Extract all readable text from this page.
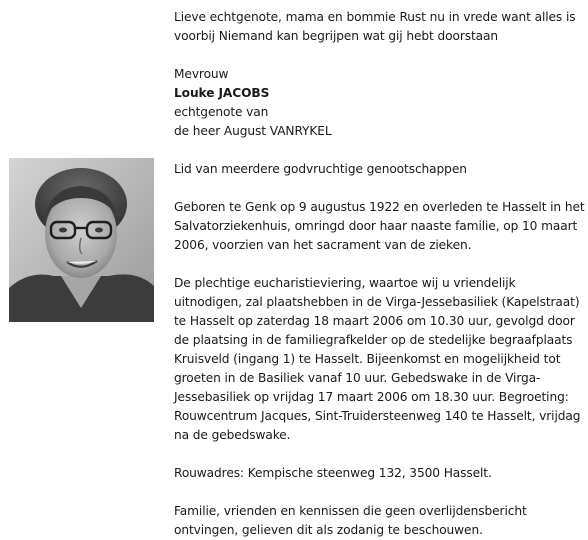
Lieve echtgenote, mama en bommie Rust nu in vrede want alles is
voorbij Niemand kan begrijpen wat gij hebt doorstaan

Mevrouw
Louke JACOBS
echtgenote van
de heer August VANRYKEL

Lid van meerdere godvruchtige genootschappen

Geboren te Genk op 9 augustus 1922 en overleden te Hasselt in het Salvatorziekenhuis, omringd door haar naaste familie, op 10 maart 2006, voorzien van het sacrament van de zieken.

De plechtige eucharistieviering, waartoe wij u vriendelijk uitnodigen, zal plaatshebben in de Virga-Jessebasiliek (Kapelstraat) te Hasselt op zaterdag 18 maart 2006 om 10.30 uur, gevolgd door de plaatsing in de familiegrafkelder op de stedelijke begraafplaats Kruisveld (ingang 1) te Hasselt. Bijeenkomst en mogelijkheid tot groeten in de Basiliek vanaf 10 uur. Gebedswake in de Virga-Jessebasiliek op vrijdag 17 maart 2006 om 18.30 uur. Begroeting: Rouwcentrum Jacques, Sint-Truidersteenweg 140 te Hasselt, vrijdag na de gebedswake.

Rouwadres: Kempische steenweg 132, 3500 Hasselt.

Familie, vrienden en kennissen die geen overlijdensbericht ontvingen, gelieven dit als zodanig te beschouwen.
